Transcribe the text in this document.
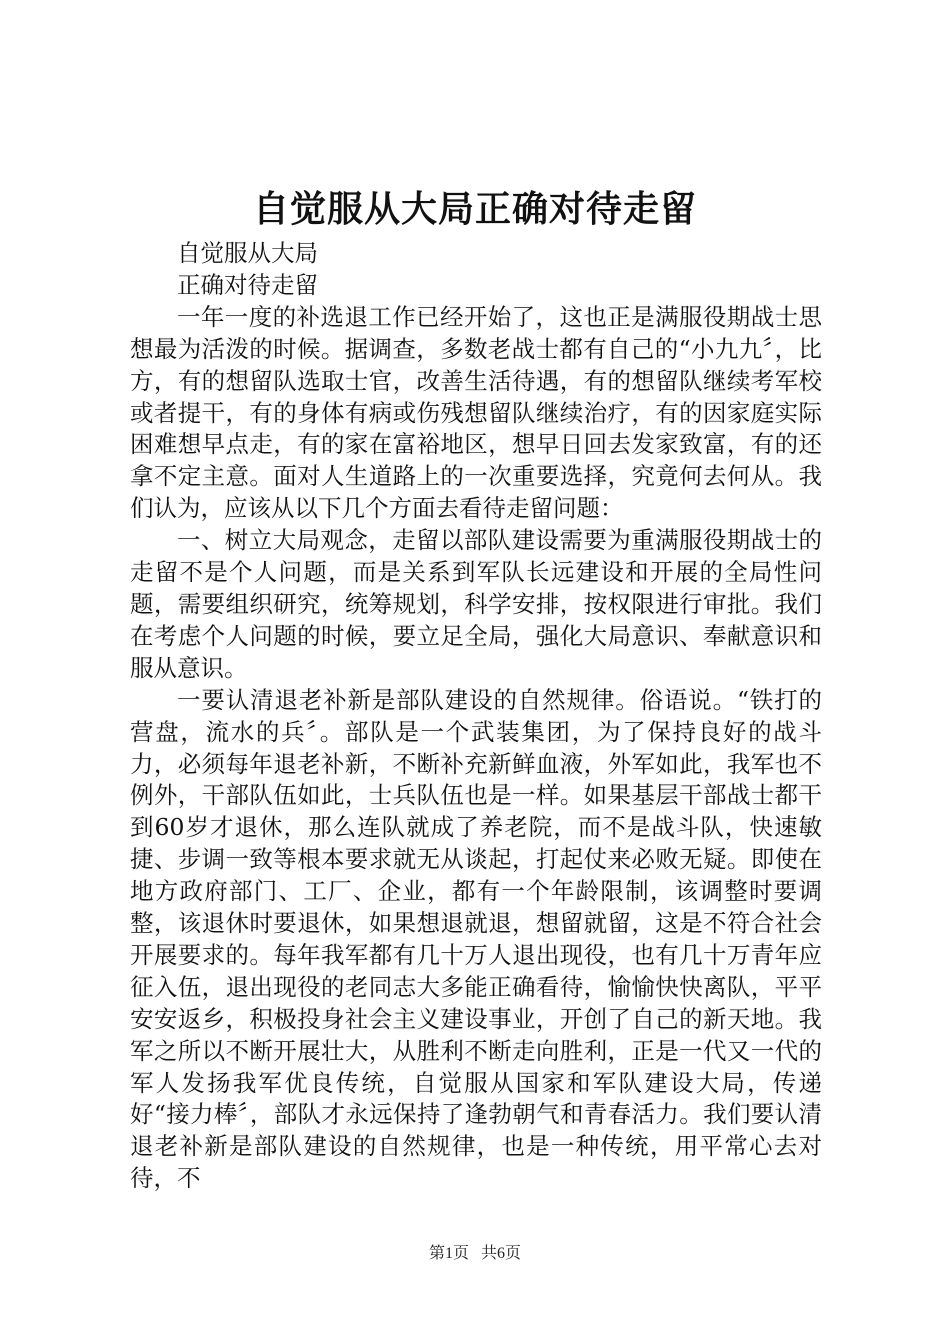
自觉服从大局正确对待走留

自觉服从大局

正确对待走留

一年一度的补选退工作已经开始了，这也正是满服役期战士思想最为活泼的时候。据调查，多数老战士都有自己的“小九九〞，比方，有的想留队选取士官，改善生活待遇，有的想留队继续考军校或者提干，有的身体有病或伤残想留队继续治疗，有的因家庭实际困难想早点走，有的家在富裕地区，想早日回去发家致富，有的还拿不定主意。面对人生道路上的一次重要选择，究竟何去何从。我们认为，应该从以下几个方面去看待走留问题：

一、树立大局观念，走留以部队建设需要为重满服役期战士的走留不是个人问题，而是关系到军队长远建设和开展的全局性问题，需要组织研究，统筹规划，科学安排，按权限进行审批。我们在考虑个人问题的时候，要立足全局，强化大局意识、奉献意识和服从意识。

一要认清退老补新是部队建设的自然规律。俗语说。“铁打的营盘，流水的兵〞。部队是一个武装集团，为了保持良好的战斗力，必须每年退老补新，不断补充新鲜血液，外军如此，我军也不例外，干部队伍如此，士兵队伍也是一样。如果基层干部战士都干到60岁才退休，那么连队就成了养老院，而不是战斗队，快速敏捷、步调一致等根本要求就无从谈起，打起仗来必败无疑。即使在地方政府部门、工厂、企业，都有一个年龄限制，该调整时要调整，该退休时要退休，如果想退就退，想留就留，这是不符合社会开展要求的。每年我军都有几十万人退出现役，也有几十万青年应征入伍，退出现役的老同志大多能正确看待，愉愉快快离队，平平安安返乡，积极投身社会主义建设事业，开创了自己的新天地。我军之所以不断开展壮大，从胜利不断走向胜利，正是一代又一代的军人发扬我军优良传统，自觉服从国家和军队建设大局，传递好“接力棒〞，部队才永远保持了逢勃朝气和青春活力。我们要认清退老补新是部队建设的自然规律，也是一种传统，用平常心去对待，不

第1页 共6页
